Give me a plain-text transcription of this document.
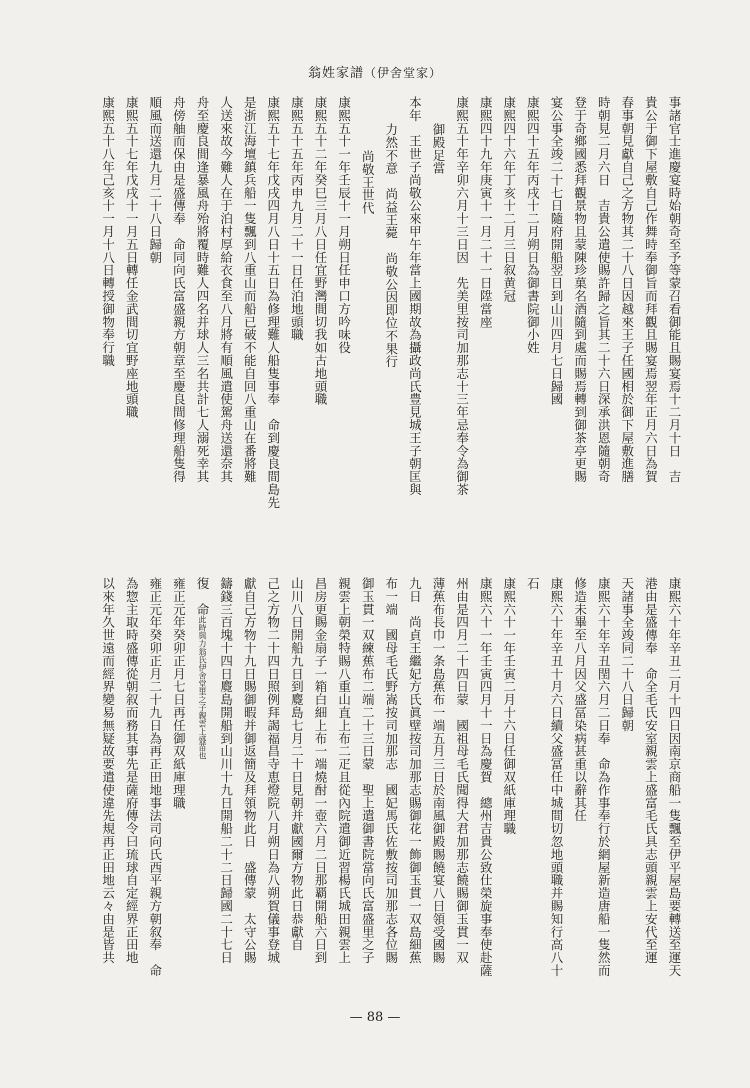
翁姓家譜（伊舍堂家）
事諸官士進慶宴時始朝奇至予等蒙召看御能且賜宴焉十二月十日　吉
貴公于御下屋敷自己作舞時奉御旨而拜觀且賜宴焉翌年正月六日為賀
春事朝見獻自己之方物其二十八日因越來王子任國相於御下屋敷進膳
時朝見二月六日　吉貴公遣使賜許歸之旨其二十六日深承洪恩隨朝奇
登于奇鄉國悉拜觀景物且蒙陳珍菓名酒隨到處而賜焉轉到御茶亭更賜
宴公事全竣二十七日隨府開船翌日到山川四月七日歸國
康熙四十五年丙戌十二月朔日為御書院御小姓
康熙四十六年丁亥十二月三日叙黄冠
康熙四十九年庚寅十一月二十一日陞當座
康熙五十年辛卯六月十三日因　先美里按司加那志十三年忌奉令為御茶
御殿足當
本年　王世子尚敬公來甲午年當上國期故為攝政尚氏豊見城王子朝匡與
力然不意　尚益王薨　尚敬公因即位不果行
尚敬王世代
康熙五十一年壬辰十一月朔日任申口方吟味役
康熙五十二年癸巳三月八日任宜野灣間切我如古地頭職
康熙五十五年丙申九月二十一日任泊地頭職
康熙五十七年戊戌四月八日十五日為修理難人船隻事奉　命到慶良間島先
是浙江海壇鎮兵船一隻飄到八重山而船已破不能自回八重山在番將難
人送來故今難人在于泊村厚給衣食至八月將有順風遣使駕舟送還奈其
舟至慶良間逢暴風舟殆將覆時難人四名并球人三名共計七人溺死幸其
舟傍舳而保由是盛傳奉　命同向氏富盛親方朝章至慶良間修理船隻得
順風而送還九月二十八日歸朝
康熙五十七年戊戌十一月五日轉任金武間切宜野座地頭職
康熙五十八年己亥十一月十八日轉授御物奉行職
康熙六十年辛丑二月十四日因南京商船一隻飄至伊平屋島要轉送至運天
港由是盛傳奉　命全毛氏安室親雲上盛富毛氏具志頭親雲上安代至運
天諸事全竣同二十八日歸朝
康熙六十年辛丑閏六月二日奉　命為作事奉行於網屋新造唐船一隻然而
修造未畢至八月因父盛冨染病甚重以辭其任
康熙六十年辛丑十月六日續父盛冨任中城間切忽地頭職并賜知行高八十
石
康熙六十一年壬寅二月十六日任御双紙庫理職
康熙六十一年壬寅四月十一日為慶賀　總州吉貴公致仕榮旋事奉使赴薩
州由是四月二十四日蒙　國祖母毛氏聞得大君加那志饒賜御玉貫一双
薄蕉布長巾一条島蕉布一端五月三日於南風御殿賜饒宴八日領受國賜
九日　尚貞王繼妃方氏眞壁按司加那志賜御花一飾御玉貫一双島細蕉
布一端　國母毛氏野嵩按司加那志　國妃馬氏佐敷按司加那志各位賜
御玉貫一双練蕉布二端二十三日蒙　聖上遣御書院當向氏富盛里之子
親雲上朝榮特賜八重山直上布二疋且從內院遣御近習楊氏城田親雲上
昌房更賜金扇子一箱白細上布一端燒酎一壺六月二日那覇開船六日到
山川八日開船九日到麑島七月二十日見朝并獻國爾方物此日恭獻自
己之方物二十四日照例拜謁福昌寺恵燈院八月朔日為八朔賀儀事登城
獻自己方物十九日賜御暇并御返簡及拜領物此日　盛傳蒙　太守公賜
鑄錢三百塊十四日麑島開船到山川十九日開船二十二日歸國二十七日
復　命此時與力翁氏伊舍堂里之子親雲上盛苗也
雍正元年癸卯正月七日再任御双紙庫理職
雍正元年癸卯正月二十九日為再正田地事法司向氏西平親方朝叙奉　命
為惣主取時盛傳從朝叙而務其事先是薩府傳令曰琉球自定經界正田地
以來年久世遠而經界變易無疑故要遣使違先規再正田地云々由是皆共
— 88 —
